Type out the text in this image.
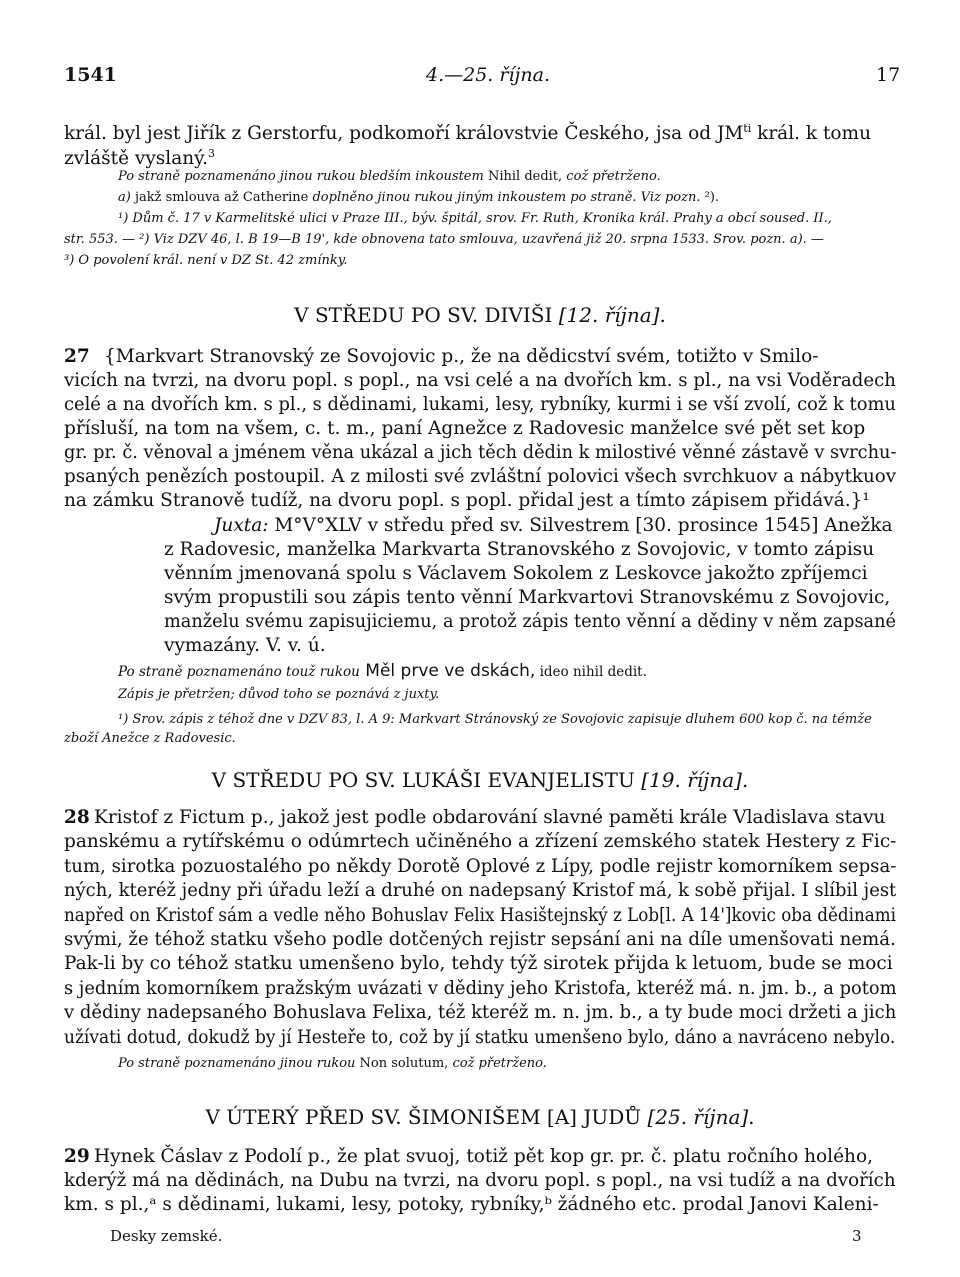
1541	4.—25. října.	17
král. byl jest Jiřík z Gerstorfu, podkomoří královstvie Českého, jsa od $JM^{ti}$ král. k tomu
zvláště vyslaný.$^3$
Po straně poznamenáno jinou rukou bledším inkoustem Nihil dedit, což přetrženo.
a) jakž smlouva až Catherine doplněno jinou rukou jiným inkoustem po straně. Viz pozn. ²).
¹) Dům č. 17 v Karmelitské ulici v Praze III., býv. špitál, srov. Fr. Ruth, Kronika král. Prahy a obcí soused. II.,
str. 553. — ²) Viz DZV 46, l. B 19—B 19', kde obnovena tato smlouva, uzavřená již 20. srpna 1533. Srov. pozn. a). —
³) O povolení král. není v DZ St. 42 zmínky.
V STŘEDU PO SV. DIVIŠI [12. října].
27 {Markvart Stranovský ze Sovojovic p., že na dědicství svém, totižto v Smilo-
vicích na tvrzi, na dvoru popl. s popl., na vsi celé a na dvořích km. s pl., na vsi Voděradech
celé a na dvořích km. s pl., s dědinami, lukami, lesy, rybníky, kurmi i se vší zvolí, což k tomu
přísluší, na tom na všem, c. t. m., paní Agnežce z Radovesic manželce své pět set kop
gr. pr. č. věnoval a jménem věna ukázal a jich těch dědin k milostivé věnné zástavě v svrchu-
psaných penězích postoupil. A z milosti své zvláštní polovici všech svrchkuov a nábytkuov
na zámku Stranově tudíž, na dvoru popl. s popl. přidal jest a tímto zápisem přidává.}¹
Juxta: M°V°XLV v středu před sv. Silvestrem [30. prosince 1545] Anežka
z Radovesic, manželka Markvarta Stranovského z Sovojovic, v tomto zápisu
věnním jmenovaná spolu s Václavem Sokolem z Leskovce jakožto zpříjemci
svým propustili sou zápis tento věnní Markvartovi Stranovskému z Sovojovic,
manželu svému zapisujiciemu, a protož zápis tento věnní a dědiny v něm zapsané
vymazány. V. v. ú.
Po straně poznamenáno touž rukou Měl prve ve dskách, ideo nihil dedit.
Zápis je přetržen; důvod toho se poznává z juxty.
¹) Srov. zápis z téhož dne v DZV 83, l. A 9: Markvart Stránovský ze Sovojovic zapisuje dluhem 600 kop č. na témže
zboží Anežce z Radovesic.
V STŘEDU PO SV. LUKÁŠI EVANJELISTU [19. října].
28 Kristof z Fictum p., jakož jest podle obdarování slavné paměti krále Vladislava stavu
panskému a rytířskému o odúmrtech učiněného a zřízení zemského statek Hestery z Fic-
tum, sirotka pozuostalého po někdy Dorotě Oplové z Lípy, podle rejistr komorníkem sepsa-
ných, kteréž jedny při úřadu leží a druhé on nadepsaný Kristof má, k sobě přijal. I slíbil jest
napřed on Kristof sám a vedle něho Bohuslav Felix Hasištejnský z Lob[l. A 14']kovic oba dědinami
svými, že téhož statku všeho podle dotčených rejistr sepsání ani na díle umenšovati nemá.
Pak-li by co téhož statku umenšeno bylo, tehdy týž sirotek přijda k letuom, bude se moci
s jedním komorníkem pražským uvázati v dědiny jeho Kristofa, kteréž má. n. jm. b., a potom
v dědiny nadepsaného Bohuslava Felixa, též kteréž m. n. jm. b., a ty bude moci držeti a jich
užívati dotud, dokudž by jí Hesteře to, což by jí statku umenšeno bylo, dáno a navráceno nebylo.
Po straně poznamenáno jinou rukou Non solutum, což přetrženo.
V ÚTERÝ PŘED SV. ŠIMONIŠEM [A] JUDŮ [25. října].
29 Hynek Čáslav z Podolí p., že plat svuoj, totiž pět kop gr. pr. č. platu ročního holého,
kderýž má na dědinách, na Dubu na tvrzi, na dvoru popl. s popl., na vsi tudíž a na dvořích
km. s pl.,ᵃ s dědinami, lukami, lesy, potoky, rybníky,ᵇ žádného etc. prodal Janovi Kaleni-
Desky zemské.	3
